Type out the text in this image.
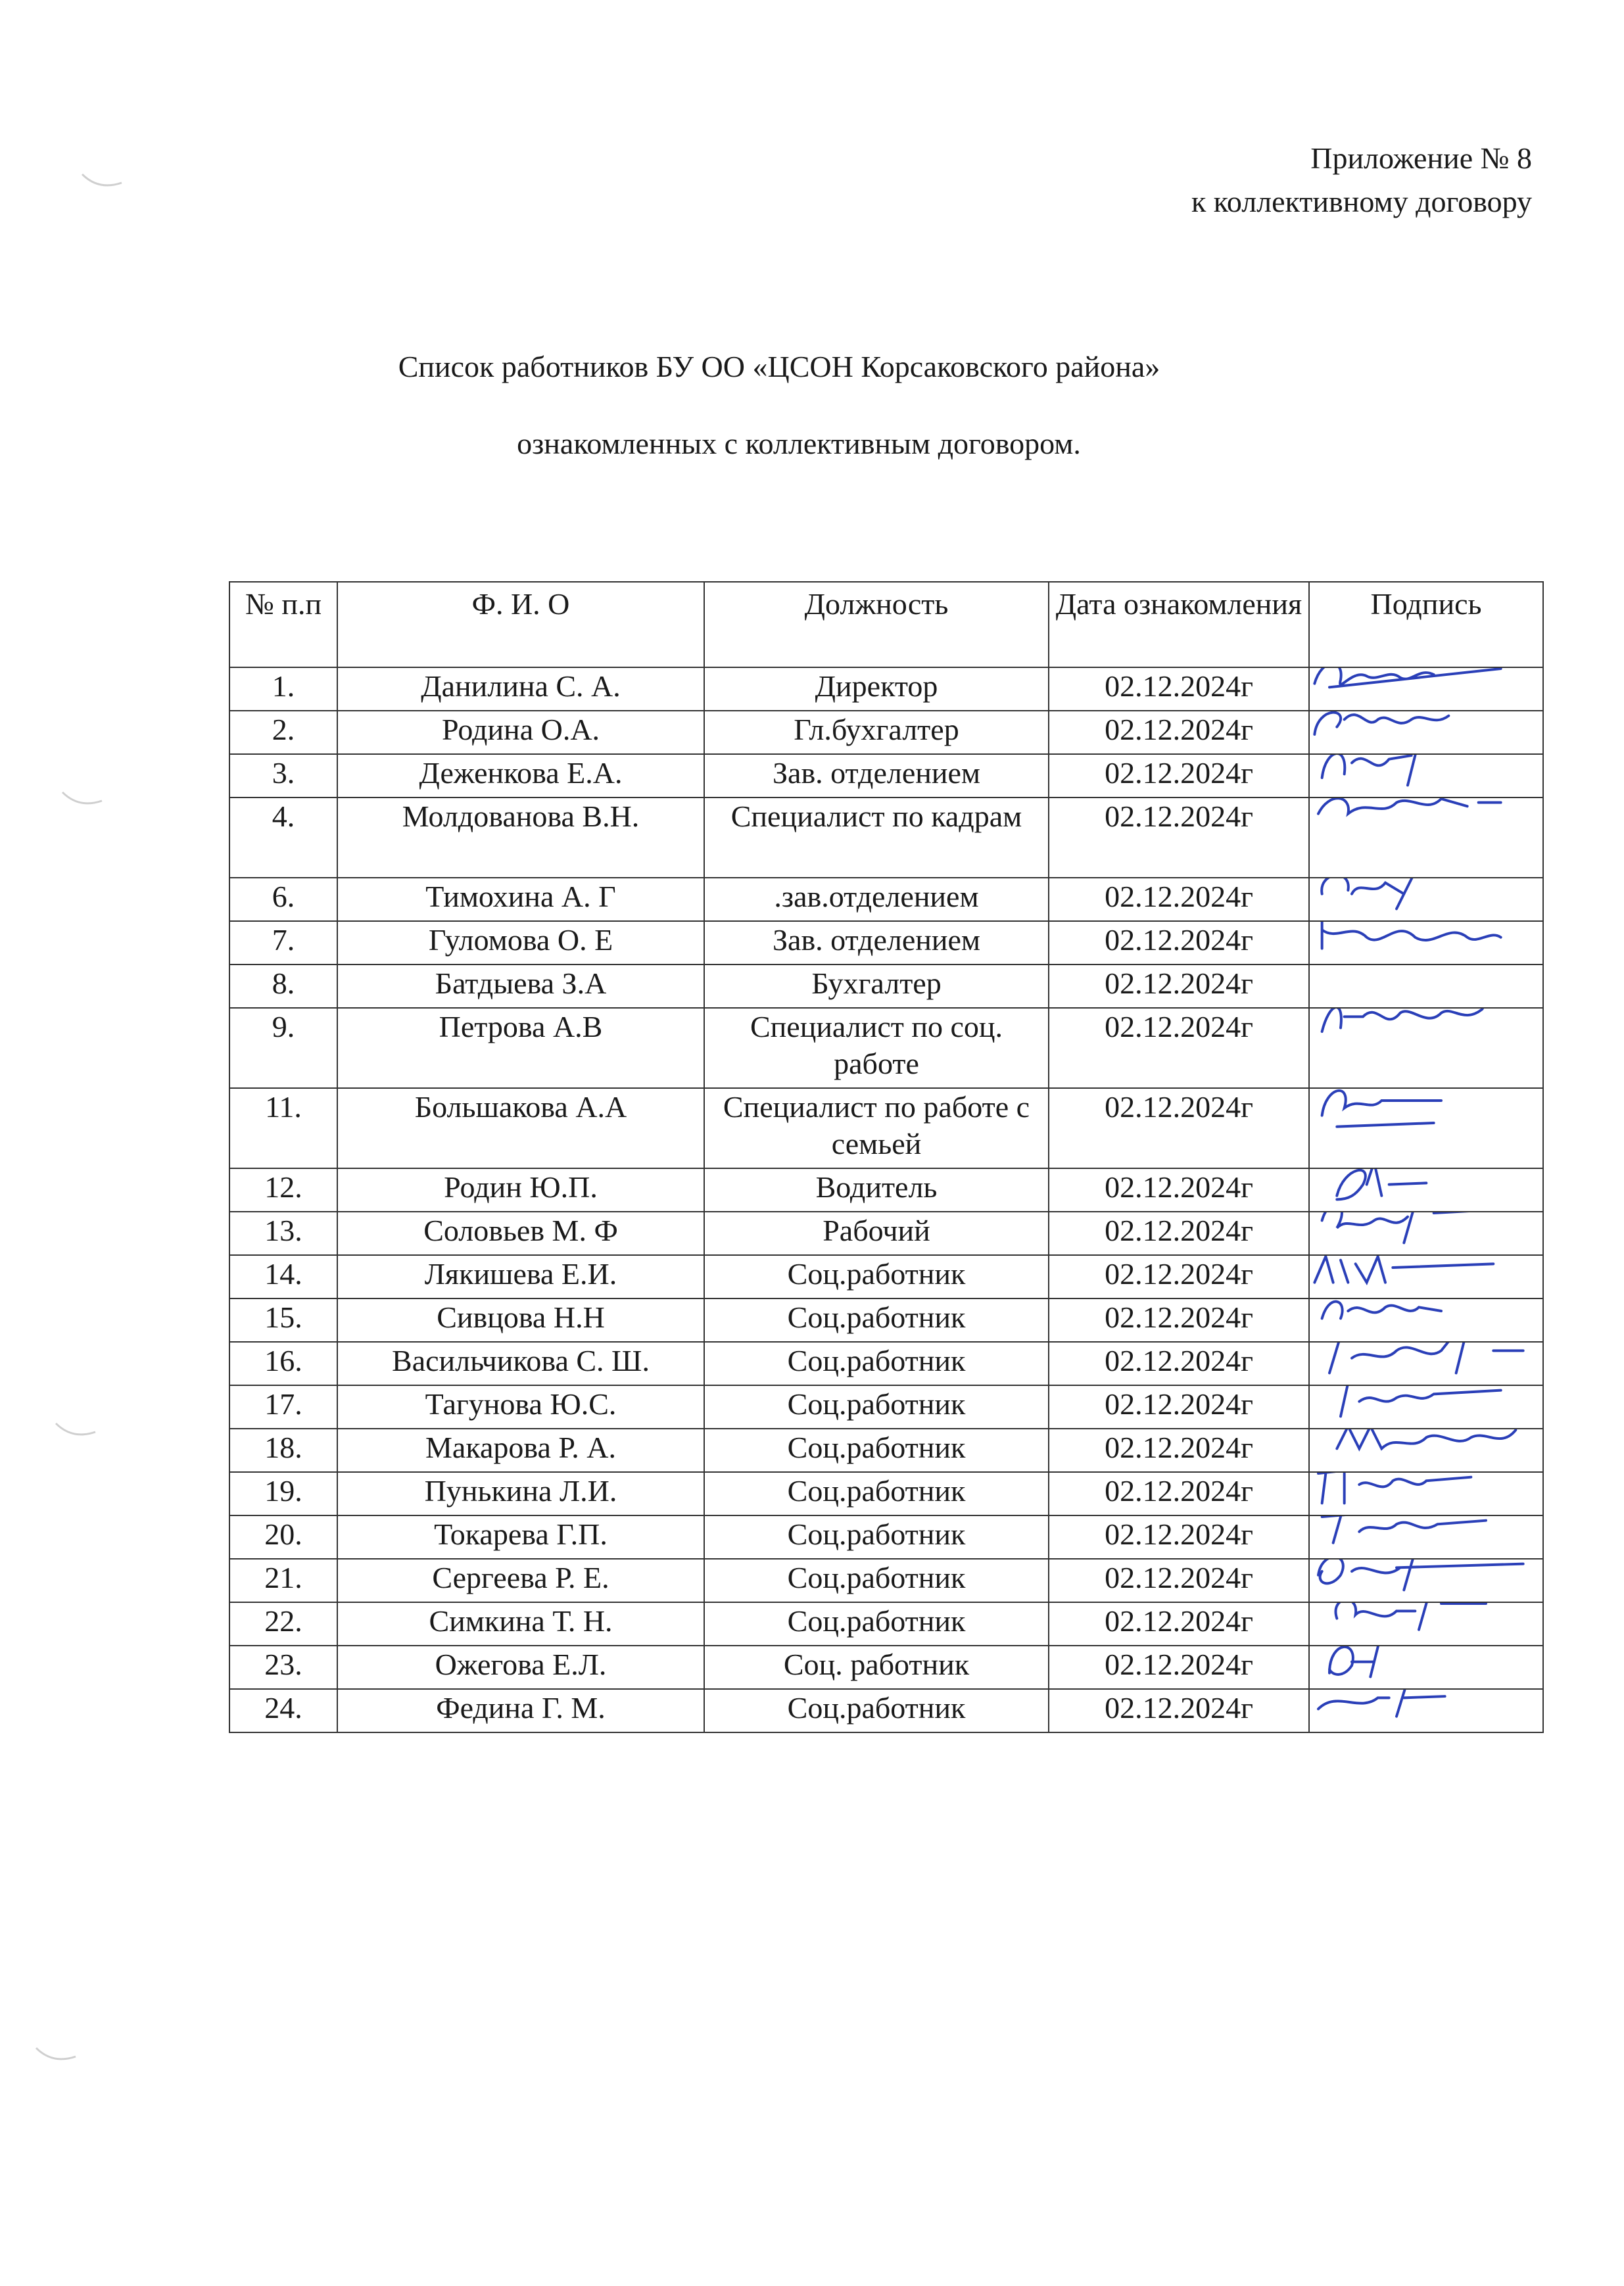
Приложение № 8
к коллективному договору
Список работников БУ ОО «ЦСОН Корсаковского района»
ознакомленных с коллективным договором.
№ п.п	Ф. И. О	Должность	Дата ознакомления	Подпись
1.	Данилина С. А.	Директор	02.12.2024г	

2.	Родина О.А.	Гл.бухгалтер	02.12.2024г	

3.	Деженкова Е.А.	Зав. отделением	02.12.2024г	

4.	Молдованова В.Н.	Специалист по кадрам	02.12.2024г	

6.	Тимохина А. Г	.зав.отделением	02.12.2024г	

7.	Гуломова О. Е	Зав. отделением	02.12.2024г	

8.	Батдыева З.А	Бухгалтер	02.12.2024г	
9.	Петрова А.В	Специалист по соц. работе	02.12.2024г	

11.	Большакова А.А	Специалист по работе с семьей	02.12.2024г	

12.	Родин Ю.П.	Водитель	02.12.2024г	

13.	Соловьев М. Ф	Рабочий	02.12.2024г	

14.	Лякишева Е.И.	Соц.работник	02.12.2024г	

15.	Сивцова Н.Н	Соц.работник	02.12.2024г	

16.	Васильчикова С. Ш.	Соц.работник	02.12.2024г	

17.	Тагунова Ю.С.	Соц.работник	02.12.2024г	

18.	Макарова Р. А.	Соц.работник	02.12.2024г	

19.	Пунькина Л.И.	Соц.работник	02.12.2024г	

20.	Токарева Г.П.	Соц.работник	02.12.2024г	

21.	Сергеева Р. Е.	Соц.работник	02.12.2024г	

22.	Симкина Т. Н.	Соц.работник	02.12.2024г	

23.	Ожегова Е.Л.	Соц. работник	02.12.2024г	

24.	Федина Г. М.	Соц.работник	02.12.2024г	
